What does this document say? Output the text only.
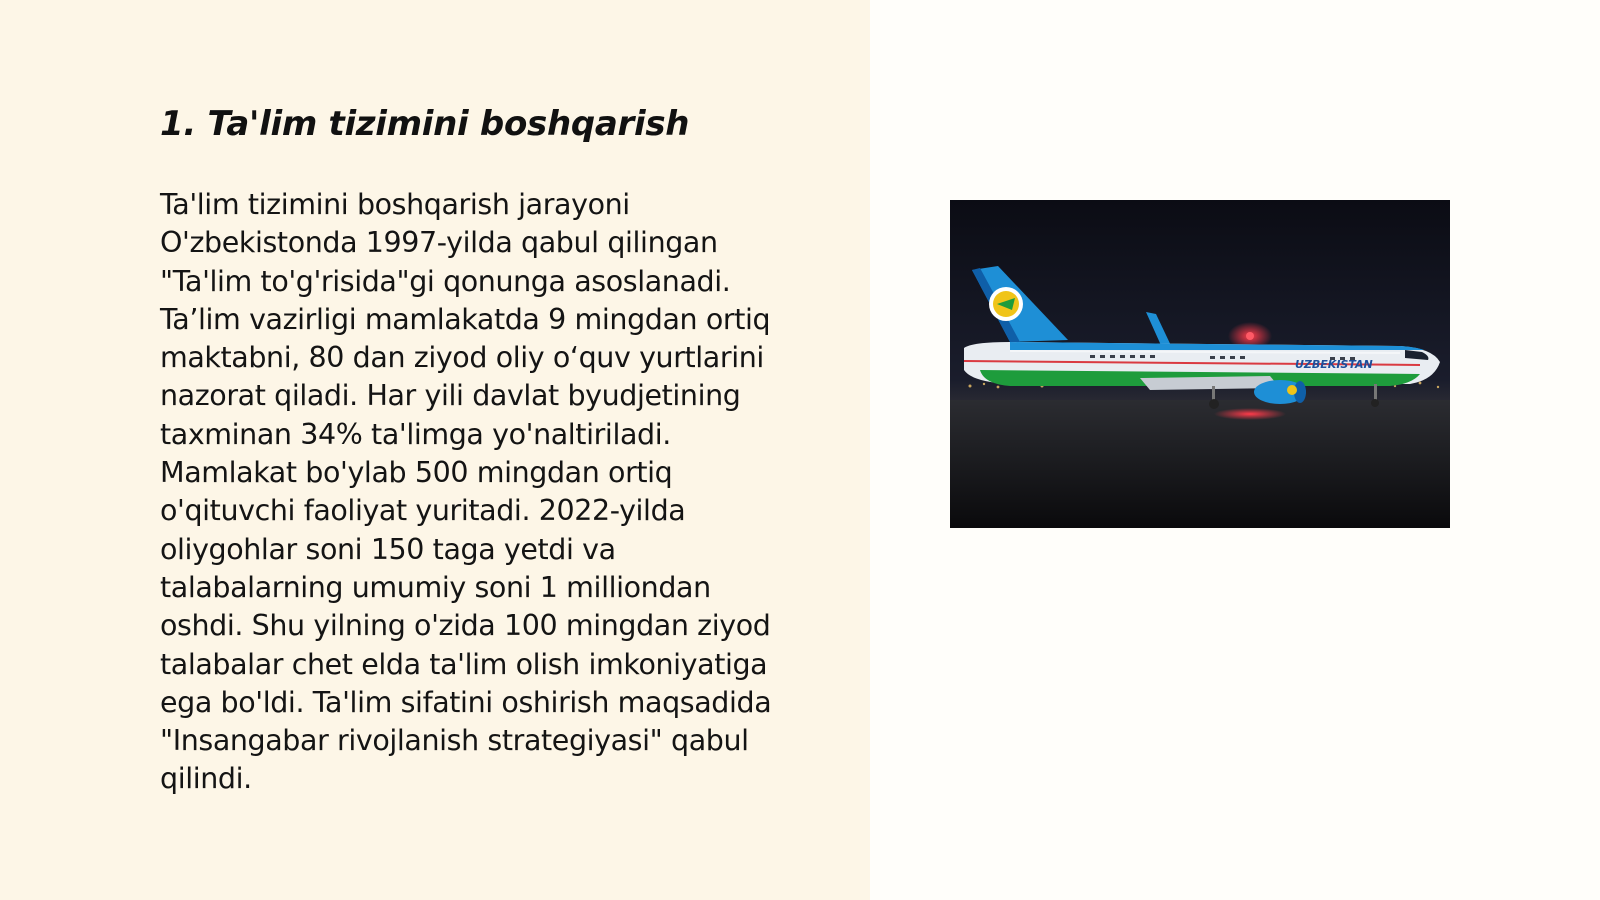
1. Ta'lim tizimini boshqarish

Ta'lim tizimini boshqarish jarayoni
O'zbekistonda 1997-yilda qabul qilingan
"Ta'lim to'g'risida"gi qonunga asoslanadi.
Ta’lim vazirligi mamlakatda 9 mingdan ortiq
maktabni, 80 dan ziyod oliy o‘quv yurtlarini
nazorat qiladi. Har yili davlat byudjetining
taxminan 34% ta'limga yo'naltiriladi.
Mamlakat bo'ylab 500 mingdan ortiq
o'qituvchi faoliyat yuritadi. 2022-yilda
oliygohlar soni 150 taga yetdi va
talabalarning umumiy soni 1 milliondan
oshdi. Shu yilning o'zida 100 mingdan ziyod
talabalar chet elda ta'lim olish imkoniyatiga
ega bo'ldi. Ta'lim sifatini oshirish maqsadida
"Insangabar rivojlanish strategiyasi" qabul
qilindi.

UZBEKISTAN
